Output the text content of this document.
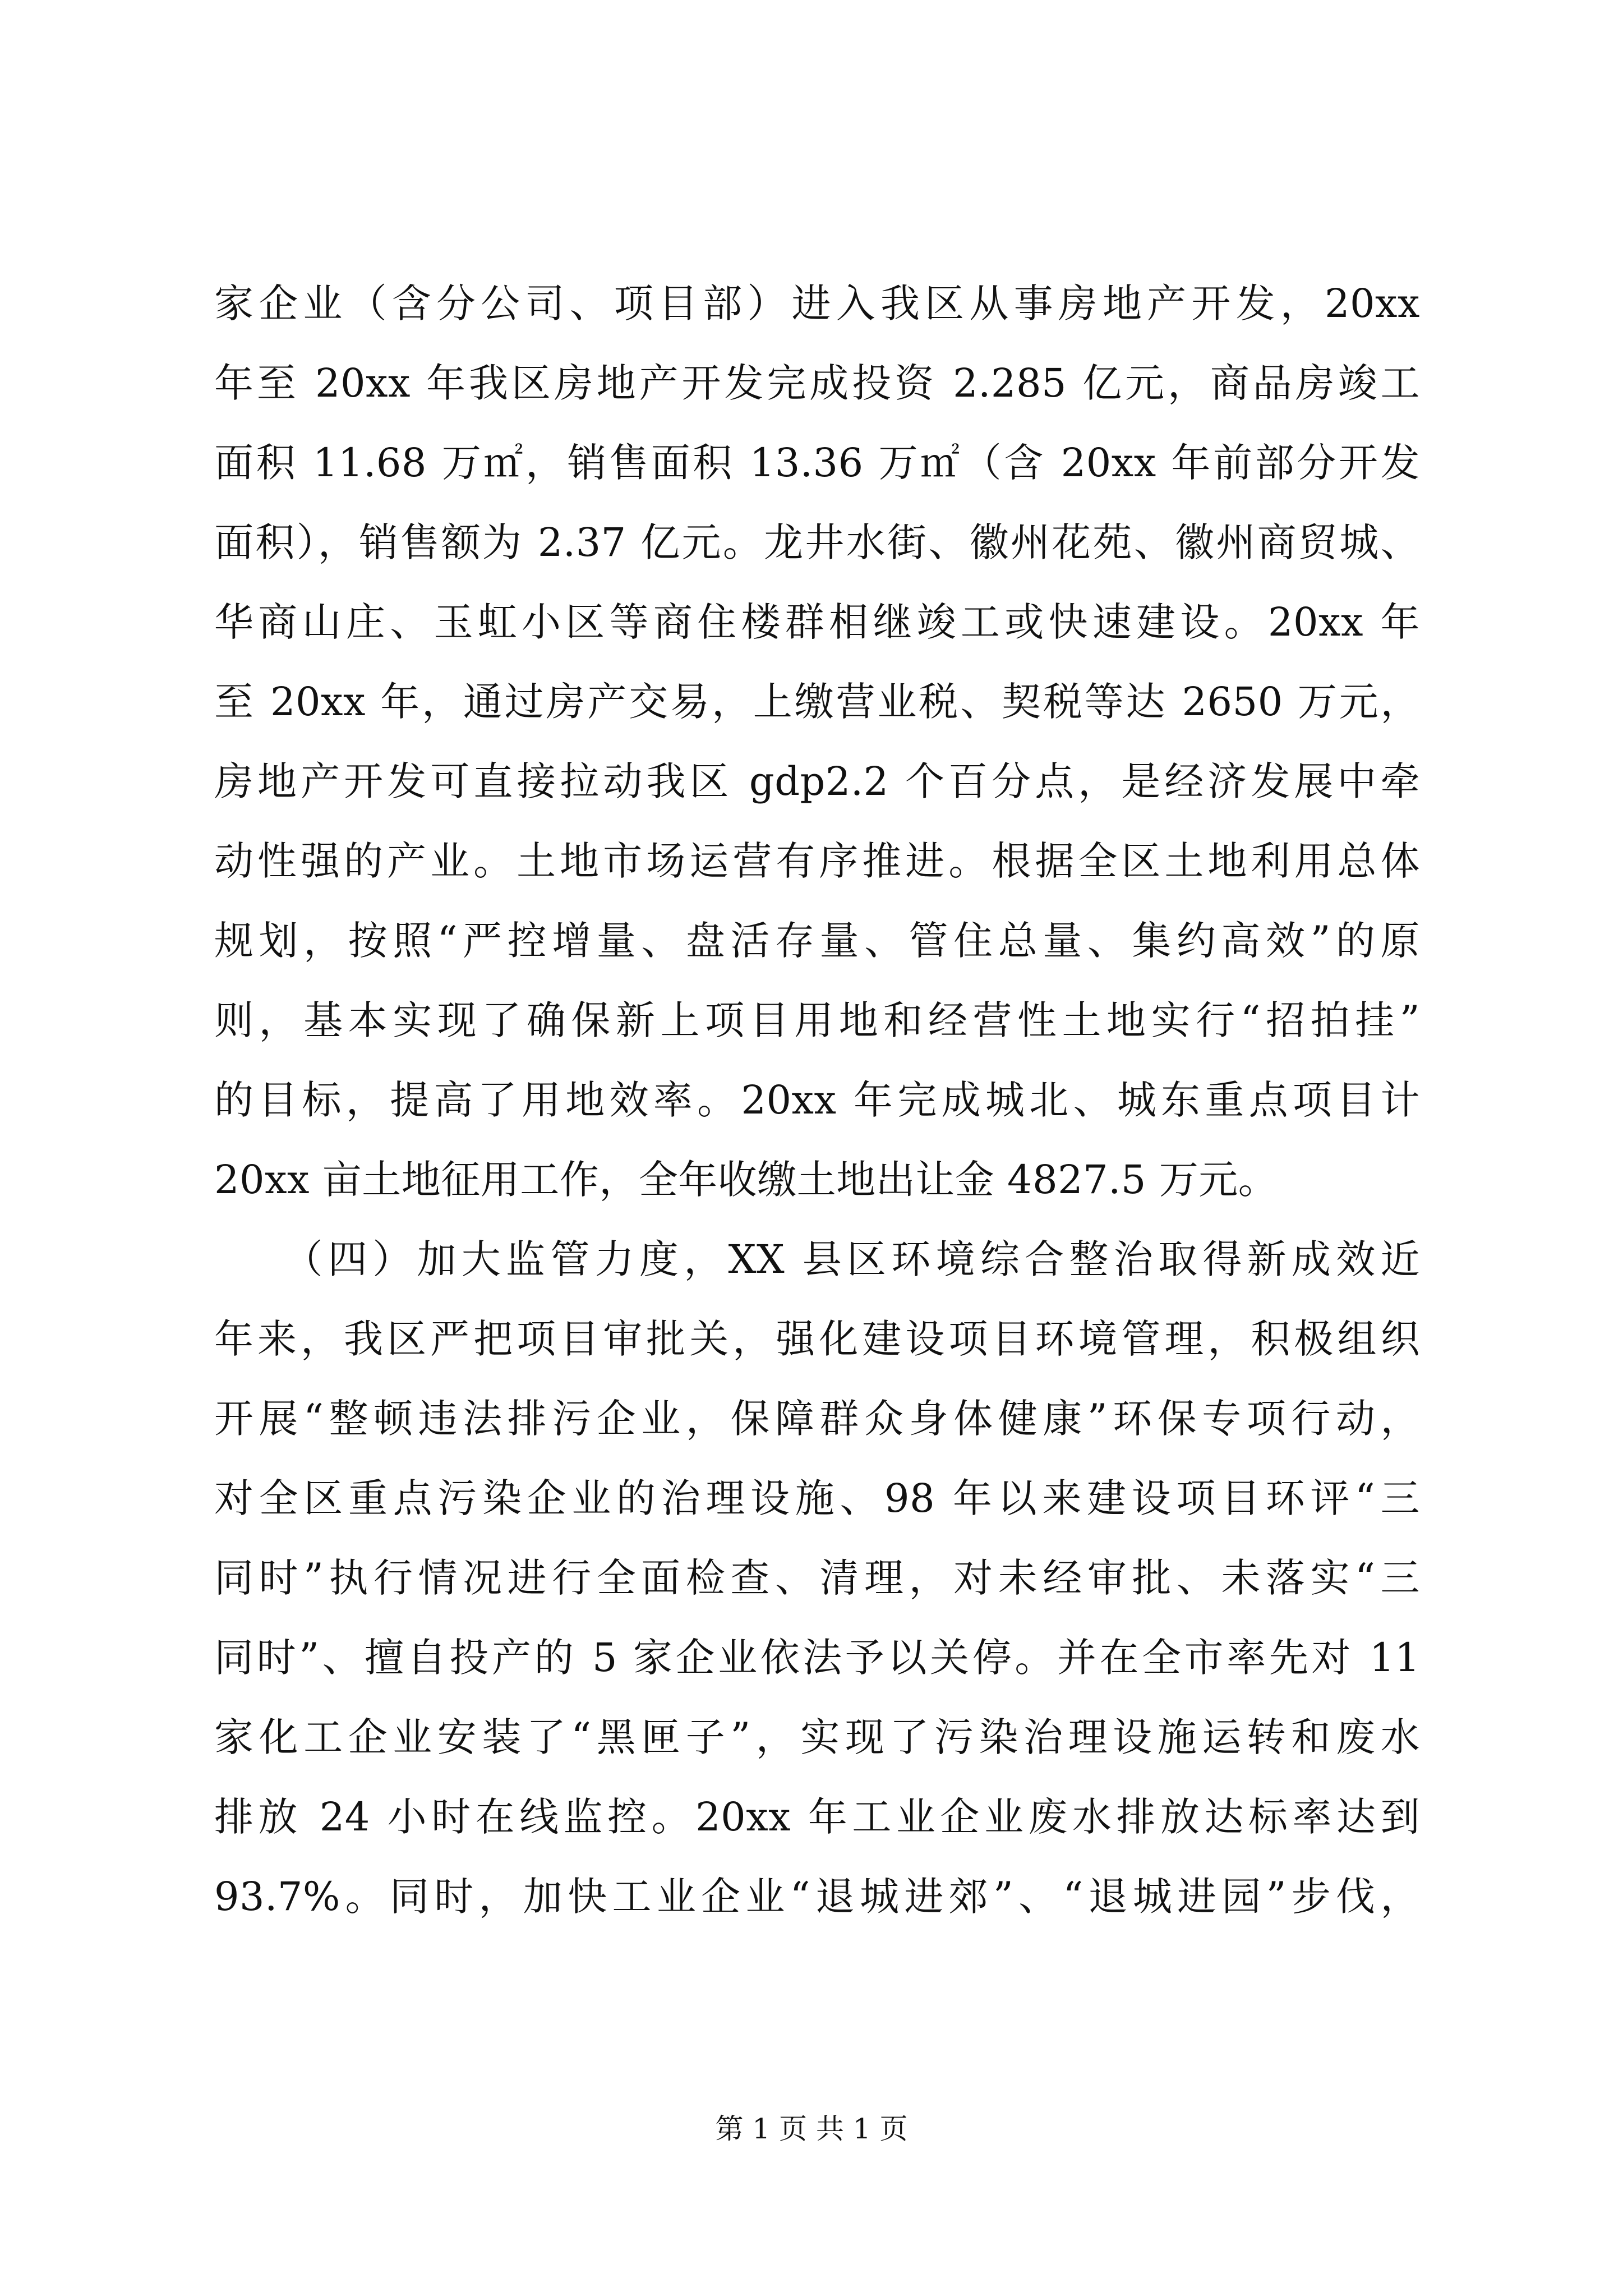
家企业（含分公司、项目部）进入我区从事房地产开发，20xx
年至 20xx 年我区房地产开发完成投资 2.285 亿元，商品房竣工
面积 11.68 万㎡，销售面积 13.36 万㎡（含 20xx 年前部分开发
面积），销售额为 2.37 亿元。龙井水街、徽州花苑、徽州商贸城、
华商山庄、玉虹小区等商住楼群相继竣工或快速建设。20xx 年
至 20xx 年，通过房产交易，上缴营业税、契税等达 2650 万元，
房地产开发可直接拉动我区 gdp2.2 个百分点，是经济发展中牵
动性强的产业。土地市场运营有序推进。根据全区土地利用总体
规划，按照“严控增量、盘活存量、管住总量、集约高效”的原
则，基本实现了确保新上项目用地和经营性土地实行“招拍挂”
的目标，提高了用地效率。20xx 年完成城北、城东重点项目计
20xx 亩土地征用工作，全年收缴土地出让金 4827.5 万元。
　　（四）加大监管力度，XX 县区环境综合整治取得新成效近
年来，我区严把项目审批关，强化建设项目环境管理，积极组织
开展“整顿违法排污企业，保障群众身体健康”环保专项行动，
对全区重点污染企业的治理设施、98 年以来建设项目环评“三
同时”执行情况进行全面检查、清理，对未经审批、未落实“三
同时”、擅自投产的 5 家企业依法予以关停。并在全市率先对 11
家化工企业安装了“黑匣子”，实现了污染治理设施运转和废水
排放 24 小时在线监控。20xx 年工业企业废水排放达标率达到
93.7%。同时，加快工业企业“退城进郊”、“退城进园”步伐，
第 1 页 共 1 页
